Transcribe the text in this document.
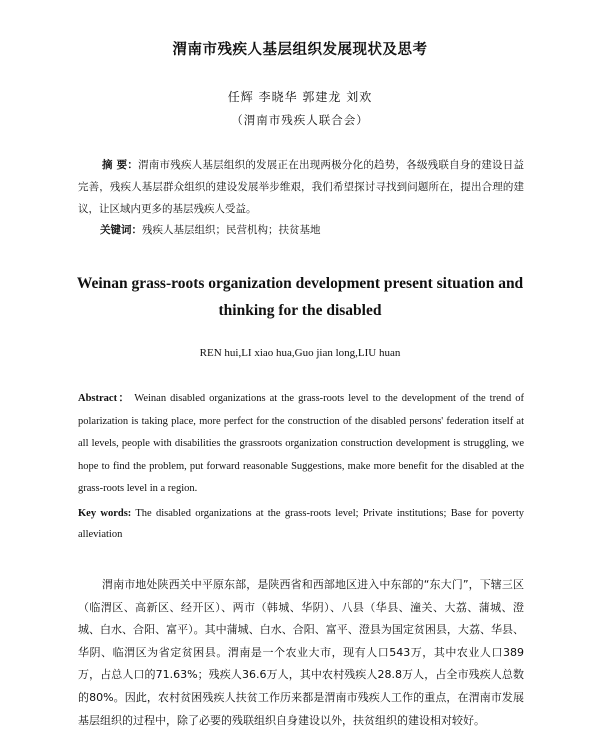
渭南市残疾人基层组织发展现状及思考
任辉 李晓华 郭建龙 刘欢
（渭南市残疾人联合会）
摘 要：渭南市残疾人基层组织的发展正在出现两极分化的趋势，各级残联自身的建设日益完善，残疾人基层群众组织的建设发展举步维艰，我们希望探讨寻找到问题所在，提出合理的建议，让区域内更多的基层残疾人受益。
关键词：残疾人基层组织；民营机构；扶贫基地
Weinan grass-roots organization development present situation and thinking for the disabled
REN hui,LI xiao hua,Guo jian long,LIU huan
Abstract： Weinan disabled organizations at the grass-roots level to the development of the trend of polarization is taking place, more perfect for the construction of the disabled persons' federation itself at all levels, people with disabilities the grassroots organization construction development is struggling, we hope to find the problem, put forward reasonable Suggestions, make more benefit for the disabled at the grass-roots level in a region.
Key words: The disabled organizations at the grass-roots level; Private institutions; Base for poverty alleviation
渭南市地处陕西关中平原东部，是陕西省和西部地区进入中东部的“东大门”，下辖三区（临渭区、高新区、经开区）、两市（韩城、华阴）、八县（华县、潼关、大荔、蒲城、澄城、白水、合阳、富平）。其中蒲城、白水、合阳、富平、澄县为国定贫困县，大荔、华县、华阴、临渭区为省定贫困县。渭南是一个农业大市，现有人口543万，其中农业人口389万，占总人口的71.63%；残疾人36.6万人，其中农村残疾人28.8万人，占全市残疾人总数的80%。因此，农村贫困残疾人扶贫工作历来都是渭南市残疾人工作的重点，在渭南市发展基层组织的过程中，除了必要的残联组织自身建设以外，扶贫组织的建设相对较好。
